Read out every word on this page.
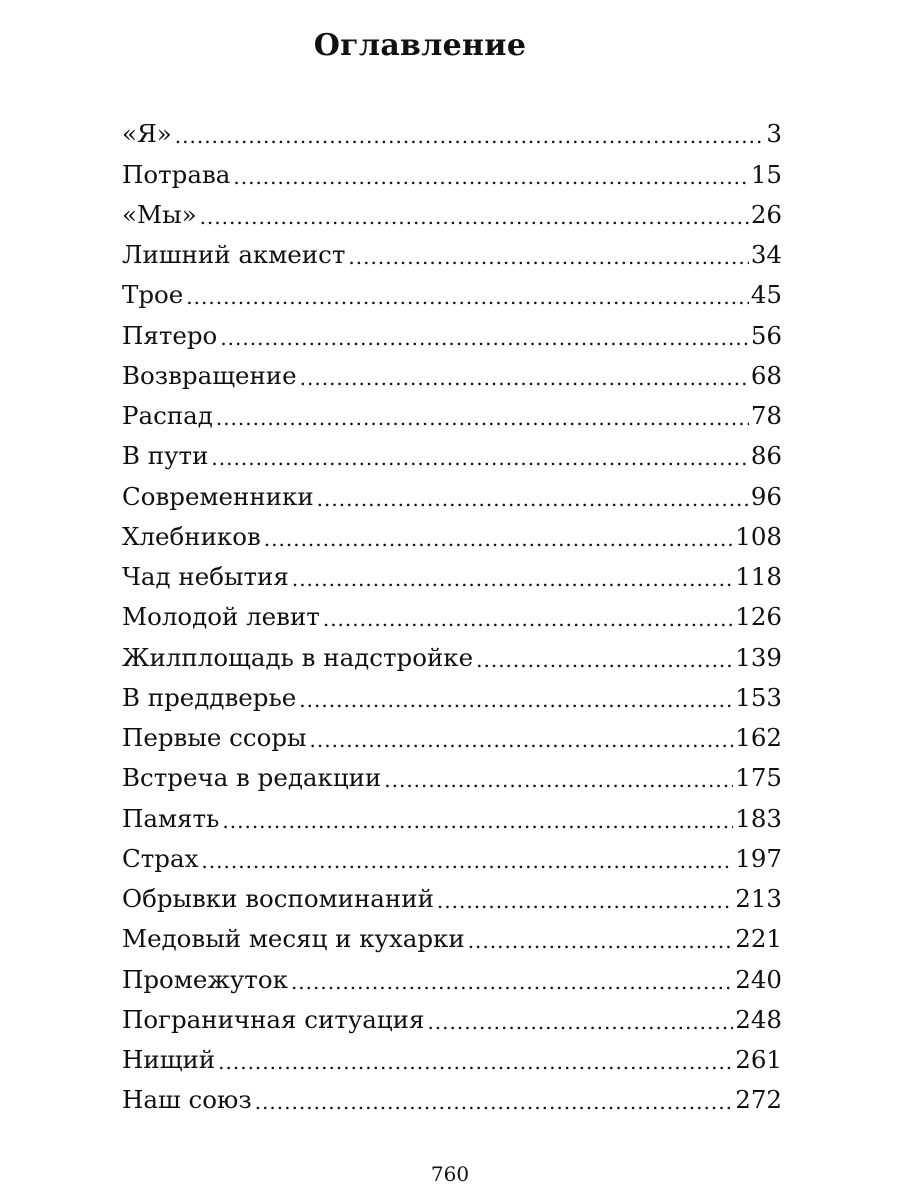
Оглавление
«Я» .....	3
Потрава .....	15
«Мы» .....	26
Лишний акмеист .....	34
Трое .....	45
Пятеро .....	56
Возвращение .....	68
Распад .....	78
В пути .....	86
Современники .....	96
Хлебников .....	108
Чад небытия .....	118
Молодой левит .....	126
Жилплощадь в надстройке .....	139
В преддверье .....	153
Первые ссоры .....	162
Встреча в редакции .....	175
Память .....	183
Страх .....	197
Обрывки воспоминаний .....	213
Медовый месяц и кухарки .....	221
Промежуток .....	240
Пограничная ситуация .....	248
Нищий .....	261
Наш союз .....	272
760
